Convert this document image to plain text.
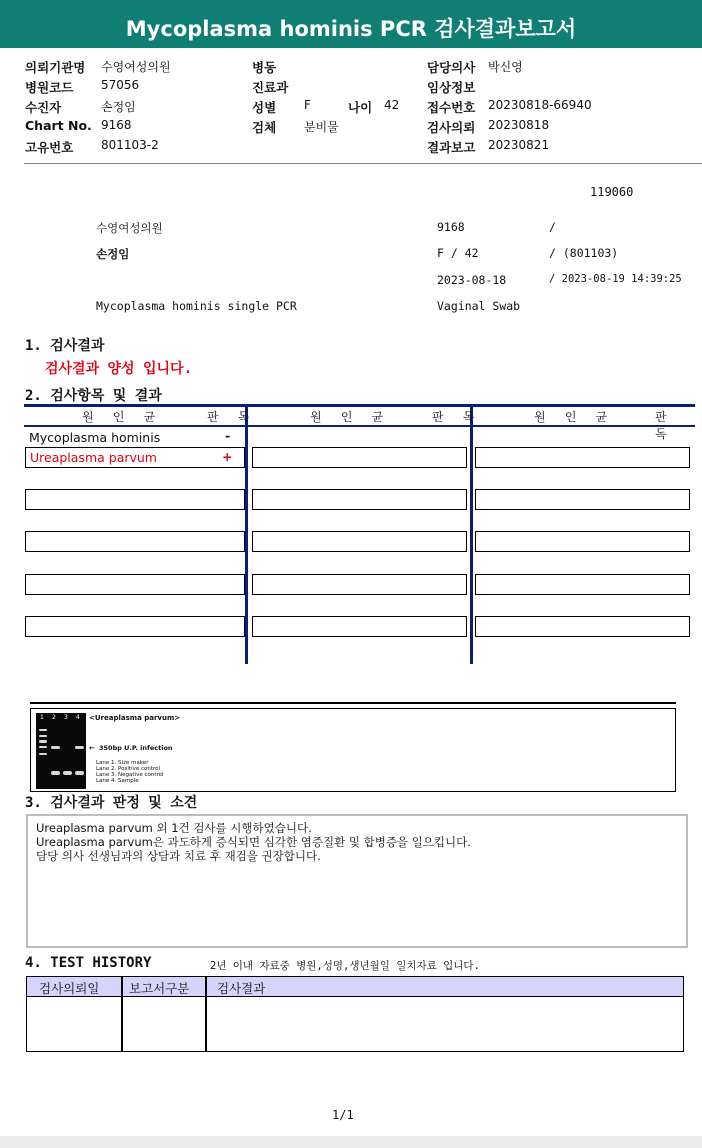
Mycoplasma hominis PCR 검사결과보고서
의뢰기관명 수영여성의원
병원코드 57056
수진자	손정임
Chart No. 9168
고유번호 801103-2
병동
진료과
성별 F	나이 42
검체 분비물
담당의사 박신영
임상정보
접수번호 20230818-66940
검사의뢰 20230818
결과보고 20230821
119060
수영여성의원	9168	/
손정임	F / 42	/ (801103)
2023-08-18	/ 2023-08-19 14:39:25
Mycoplasma hominis single PCR	Vaginal Swab
1. 검사결과
검사결과 양성 입니다.
2. 검사항목 및 결과
원 인 균	판 독	원 인 균	판 독	원 인 균	판 독
Mycoplasma hominis	-
Ureaplasma parvum	+
1 2 3 4 <Ureaplasma parvum>
← 350bp U.P. infection
Lane 1. Size maker
Lane 2. Positive control
Lane 3. Negative control
Lane 4. Sample
3. 검사결과 판정 및 소견
Ureaplasma parvum 외 1건 검사를 시행하였습니다.
Ureaplasma parvum은 과도하게 증식되면 심각한 염증질환 및 합병증을 일으킵니다.
담당 의사 선생님과의 상담과 치료 후 재검을 권장합니다.
4. TEST HISTORY	2년 이내 자료중 병원,성명,생년월일 일치자료 입니다.
검사의뢰일 보고서구분 검사결과
1/1
